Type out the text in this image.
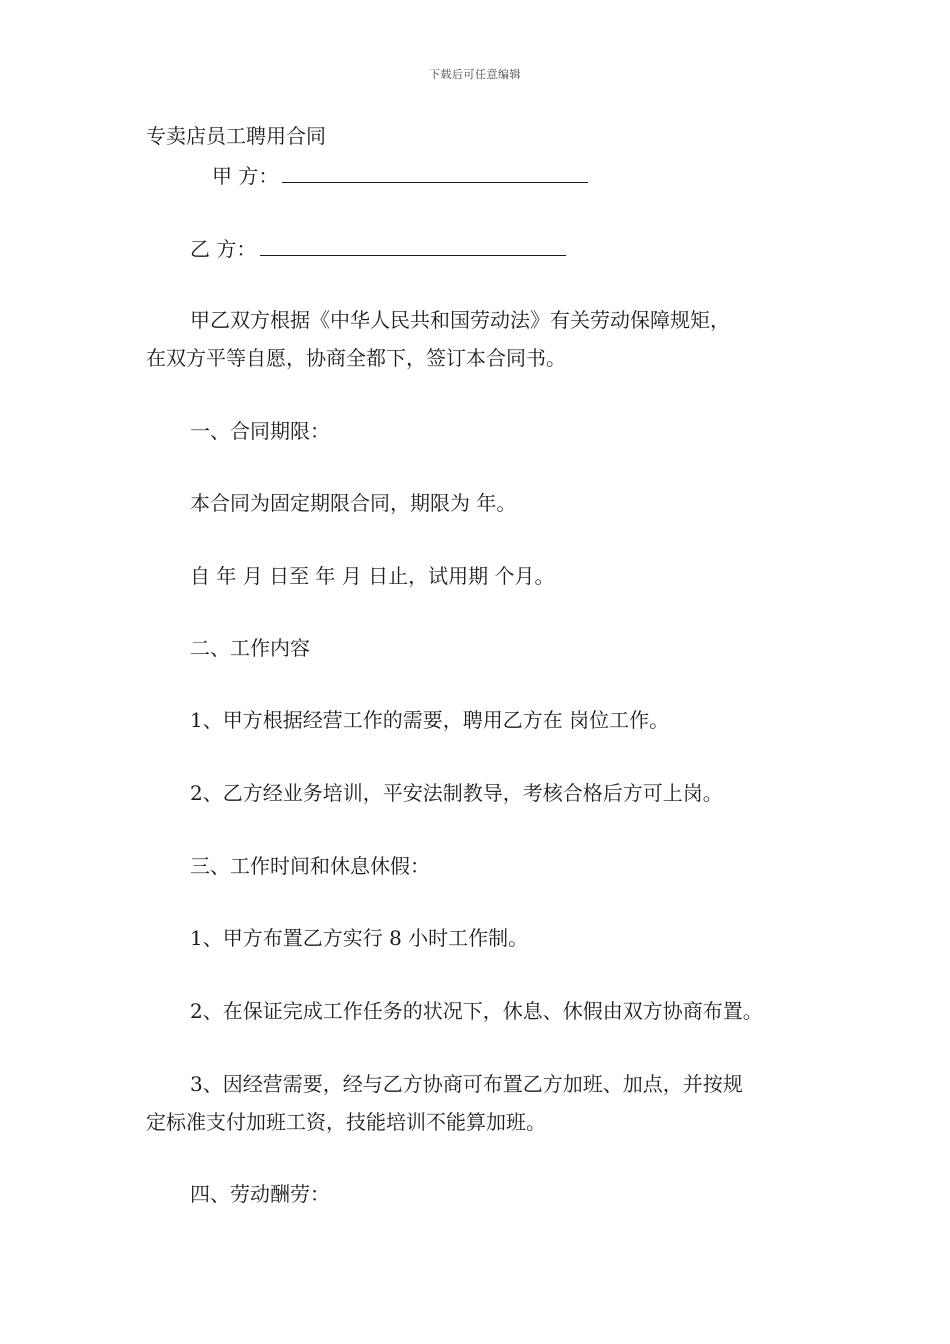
下载后可任意编辑
专卖店员工聘用合同
甲 方：
乙 方：
甲乙双方根据《中华人民共和国劳动法》有关劳动保障规矩，
在双方平等自愿，协商全都下，签订本合同书。
一、合同期限：
本合同为固定期限合同，期限为 年。
自 年 月 日至 年 月 日止，试用期 个月。
二、工作内容
1、甲方根据经营工作的需要，聘用乙方在 岗位工作。
2、乙方经业务培训，平安法制教导，考核合格后方可上岗。
三、工作时间和休息休假：
1、甲方布置乙方实行 8 小时工作制。
2、在保证完成工作任务的状况下，休息、休假由双方协商布置。
3、因经营需要，经与乙方协商可布置乙方加班、加点，并按规
定标准支付加班工资，技能培训不能算加班。
四、劳动酬劳：
